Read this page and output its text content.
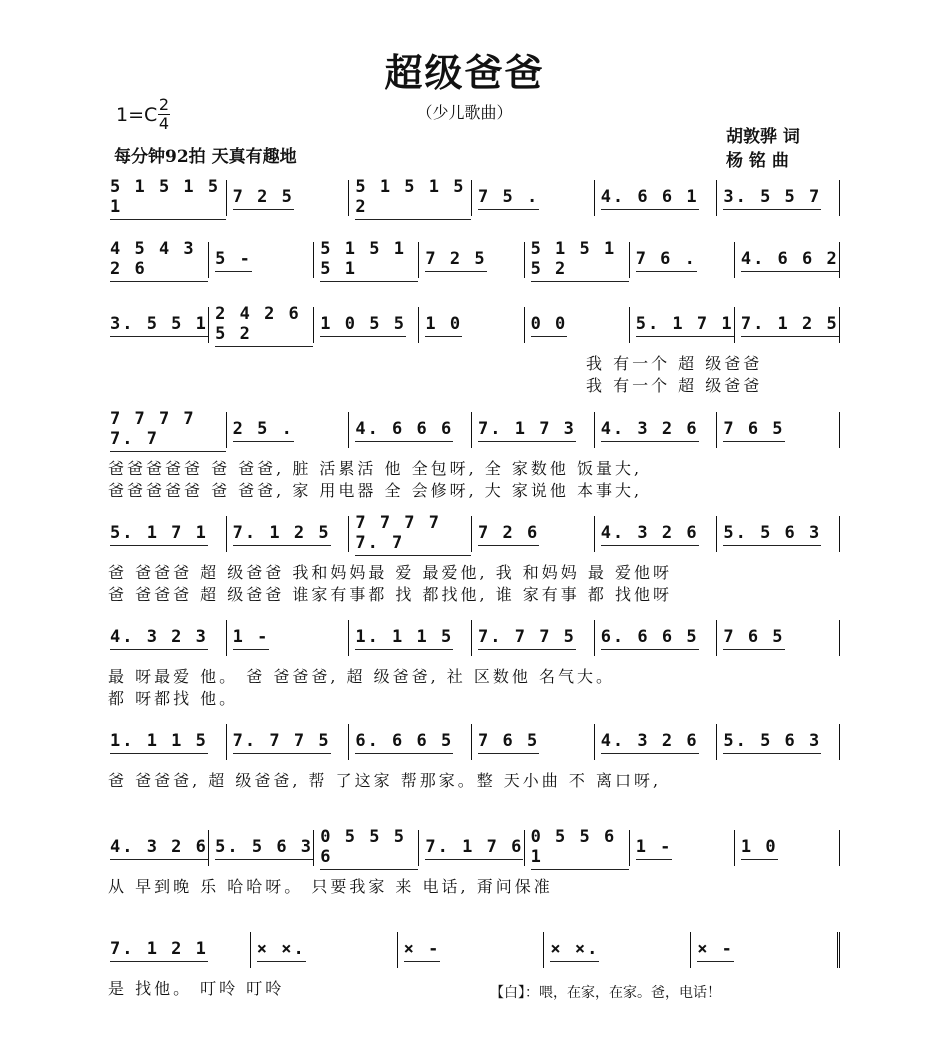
超级爸爸
（少儿歌曲）
1=C 2
4
每分钟92拍 天真有趣地
胡敦骅 词
杨 铭 曲
5 1 5 1 5 1	7 2 5	5 1 5 1 5 2	7 5 .	4. 6 6 1 3. 5 5 7
4 5 4 3 2 6	5 -	5 1 5 1 5 1	7 2 5	5 1 5 1 5 2	7 6 .	4. 6 6 2
3. 5 5 1 2 4 2 6 5 2	1 0 5 5 1 0	0 0	5. 1 7 1 7. 1 2 5
我 有一个 超 级爸爸
我 有一个 超 级爸爸
7 7 7 7 7. 7	2 5 .	4. 6 6 6 7. 1 7 3 4. 3 2 6 7 6 5
爸爸爸爸爸 爸 爸爸, 脏 活累活 他 全包呀, 全 家数他 饭量大,
爸爸爸爸爸 爸 爸爸, 家 用电器 全 会修呀, 大 家说他 本事大,
5. 1 7 1 7. 1 2 5 7 7 7 7 7. 7	7 2 6	4. 3 2 6 5. 5 6 3
爸 爸爸爸 超 级爸爸 我和妈妈最 爱 最爱他, 我 和妈妈 最 爱他呀
爸 爸爸爸 超 级爸爸 谁家有事都 找 都找他, 谁 家有事 都 找他呀
4. 3 2 3 1 -	1. 1 1 5 7. 7 7 5 6. 6 6 5 7 6 5
最 呀最爱 他。 爸 爸爸爸, 超 级爸爸, 社 区数他 名气大。
都 呀都找 他。
1. 1 1 5 7. 7 7 5 6. 6 6 5 7 6 5	4. 3 2 6 5. 5 6 3
爸 爸爸爸, 超 级爸爸, 帮 了这家 帮那家。整 天小曲 不 离口呀,
4. 3 2 6 5. 5 6 3 0 5 5 5 6	7. 1 7 6 0 5 5 6 1	1 -	1 0
从 早到晚 乐 哈哈呀。 只要我家 来 电话, 甭问保准
7. 1 2 1	× ×.	× -	× ×.	× -
是 找他。 叮呤 叮呤	【白】：喂，在家，在家。爸，电话！
